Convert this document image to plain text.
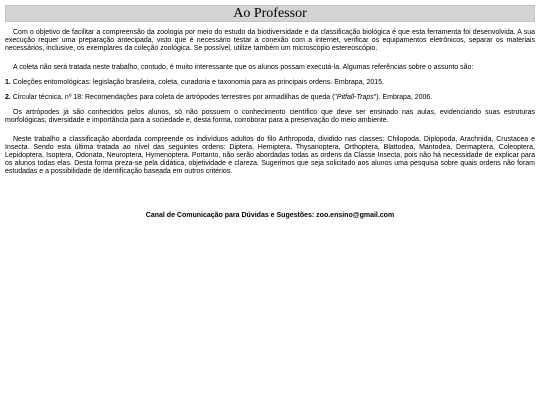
Ao Professor

Com o objetivo de facilitar a compreensão da zoologia por meio do estudo da biodiversidade e da classificação biológica é que esta ferramenta foi desenvolvida. A sua execução requer uma preparação antecipada, visto que é necessário testar a conexão com a internet, verificar os equipamentos eletrônicos, separar os materiais necessários, inclusive, os exemplares da coleção zoológica. Se possível, utilize também um microscópio estereoscópio.

A coleta não será tratada neste trabalho, contudo, é muito interessante que os alunos possam executá-la. Algumas referências sobre o assunto são:

1. Coleções entomológicas: legislação brasileira, coleta, curadoria e taxonomia para as principais ordens. Embrapa, 2015.

2. Circular técnica, nº 18: Recomendações para coleta de artrópodes terrestres por armadilhas de queda ("Pitfall-Traps"). Embrapa, 2006.

Os artrópodes já são conhecidos pelos alunos, só não possuem o conhecimento científico que deve ser ensinado nas aulas, evidenciando suas estruturas morfológicas, diversidade e importância para a sociedade e, desta forma, corroborar para a preservação do meio ambiente.

Neste trabalho a classificação abordada compreende os indivíduos adultos do filo Arthropoda, dividido nas classes: Chilopoda, Diplopoda, Arachnida, Crustacea e Insecta. Sendo esta última tratada ao nível das seguintes ordens: Diptera, Hemiptera, Thysanoptera, Orthoptera, Blattodea, Mantodea, Dermaptera, Coleoptera, Lepidoptera, Isoptera, Odonata, Neuroptera, Hymenoptera. Portanto, não serão abordadas todas as ordens da Classe Insecta, pois não há necessidade de explicar para os alunos todas elas. Desta forma preza-se pela didática, objetividade e clareza. Sugerimos que seja solicitado aos alunos uma pesquisa sobre quais ordens não foram estudadas e a possibilidade de identificação baseada em outros critérios.

Canal de Comunicação para Dúvidas e Sugestões: zoo.ensino@gmail.com
